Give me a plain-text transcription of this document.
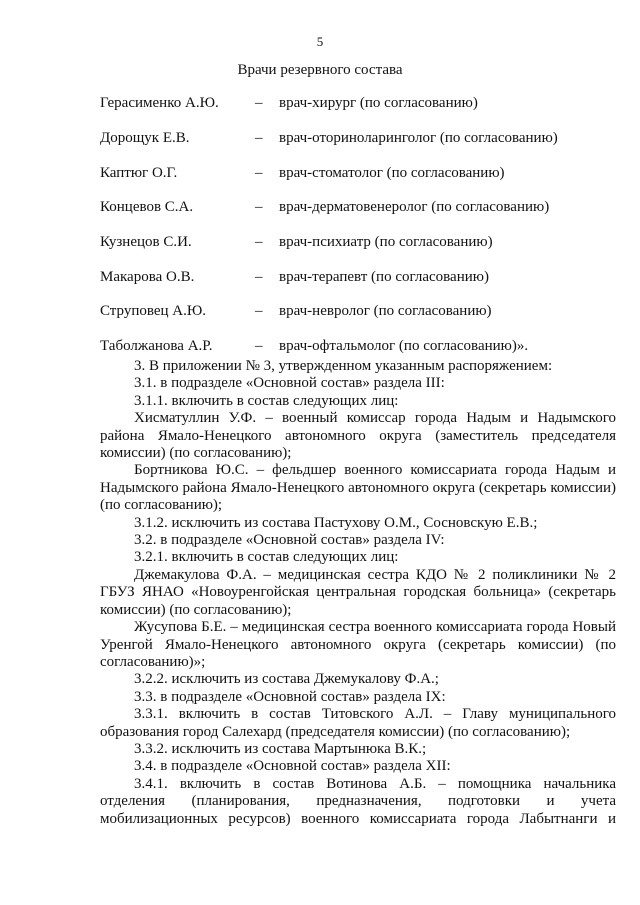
5
Врачи резервного состава
Герасименко А.Ю. – врач-хирург (по согласованию)
Дорощук Е.В.	– врач-оториноларинголог (по согласованию)
Каптюг О.Г.	– врач-стоматолог (по согласованию)
Концевов С.А.	– врач-дерматовенеролог (по согласованию)
Кузнецов С.И.	– врач-психиатр (по согласованию)
Макарова О.В.	– врач-терапевт (по согласованию)
Струповец А.Ю.	– врач-невролог (по согласованию)
Таболжанова А.Р.	– врач-офтальмолог (по согласованию)».

3. В приложении № 3, утвержденном указанным распоряжением:

3.1. в подразделе «Основной состав» раздела III:

3.1.1. включить в состав следующих лиц:

Хисматуллин У.Ф. – военный комиссар города Надым и Надымского района Ямало-Ненецкого автономного округа (заместитель председателя комиссии) (по согласованию);

Бортникова Ю.С. – фельдшер военного комиссариата города Надым и Надымского района Ямало-Ненецкого автономного округа (секретарь комиссии) (по согласованию);

3.1.2. исключить из состава Пастухову О.М., Сосновскую Е.В.;

3.2. в подразделе «Основной состав» раздела IV:

3.2.1. включить в состав следующих лиц:

Джемакулова Ф.А. – медицинская сестра КДО № 2 поликлиники № 2 ГБУЗ ЯНАО «Новоуренгойская центральная городская больница» (секретарь комиссии) (по согласованию);

Жусупова Б.Е. – медицинская сестра военного комиссариата города Новый Уренгой Ямало-Ненецкого автономного округа (секретарь комиссии) (по согласованию)»;

3.2.2. исключить из состава Джемукалову Ф.А.;

3.3. в подразделе «Основной состав» раздела IX:

3.3.1. включить в состав Титовского А.Л. – Главу муниципального образования город Салехард (председателя комиссии) (по согласованию);

3.3.2. исключить из состава Мартынюка В.К.;

3.4. в подразделе «Основной состав» раздела XII:

3.4.1. включить в состав Вотинова А.Б. – помощника начальника отделения (планирования, предназначения, подготовки и учета мобилизационных ресурсов) военного комиссариата города Лабытнанги и
